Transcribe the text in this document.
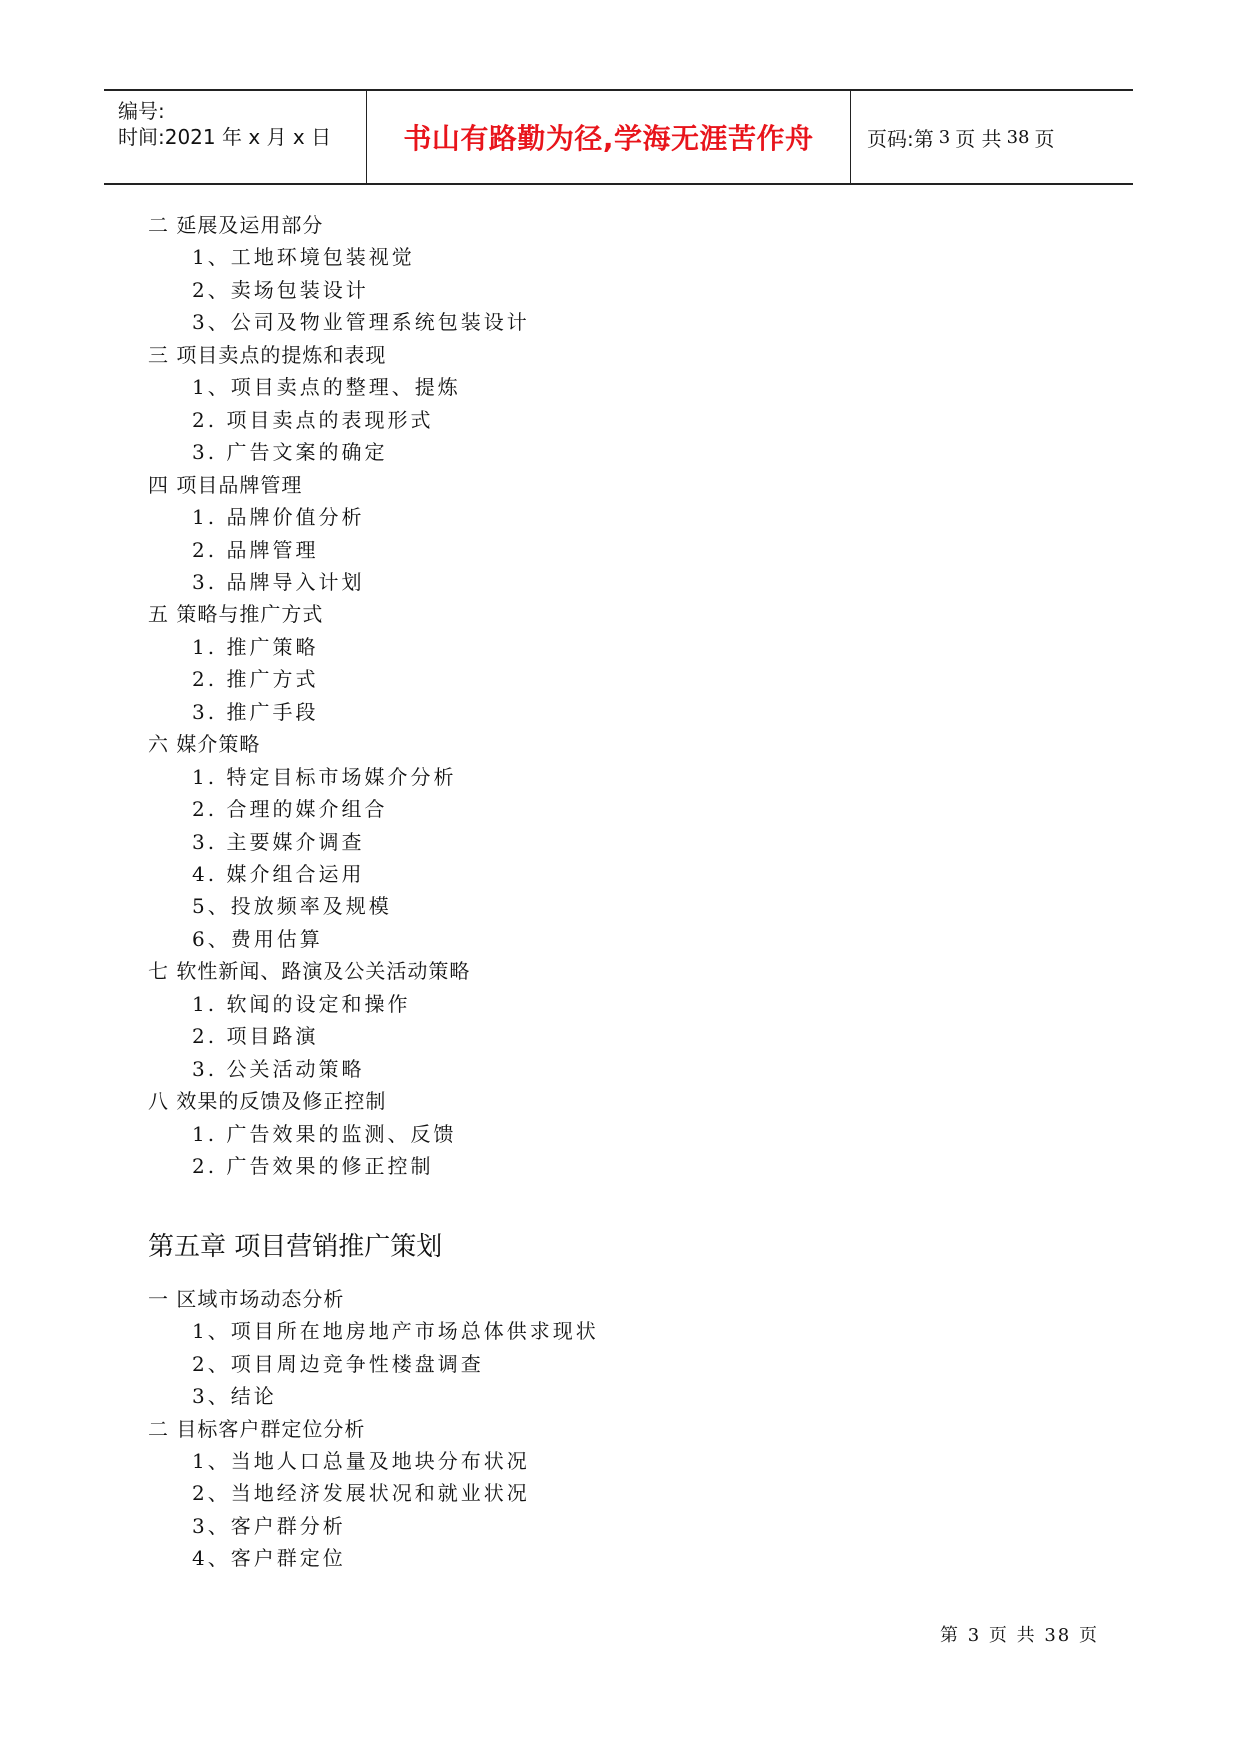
编号:
时间:2021 年 x 月 x 日	书山有路勤为径,学海无涯苦作舟	页码:第 3 页 共 38 页
二 延展及运用部分
1、工地环境包装视觉
2、卖场包装设计
3、公司及物业管理系统包装设计
三 项目卖点的提炼和表现
1、项目卖点的整理、提炼
2. 项目卖点的表现形式
3. 广告文案的确定
四 项目品牌管理
1. 品牌价值分析
2. 品牌管理
3. 品牌导入计划
五 策略与推广方式
1. 推广策略
2. 推广方式
3. 推广手段
六 媒介策略
1. 特定目标市场媒介分析
2. 合理的媒介组合
3. 主要媒介调查
4. 媒介组合运用
5、投放频率及规模
6、费用估算
七 软性新闻、路演及公关活动策略
1. 软闻的设定和操作
2. 项目路演
3. 公关活动策略
八 效果的反馈及修正控制
1. 广告效果的监测、反馈
2. 广告效果的修正控制
第五章 项目营销推广策划
一 区域市场动态分析
1、项目所在地房地产市场总体供求现状
2、项目周边竞争性楼盘调查
3、结论
二 目标客户群定位分析
1、当地人口总量及地块分布状况
2、当地经济发展状况和就业状况
3、客户群分析
4、客户群定位
第 3 页 共 38 页
